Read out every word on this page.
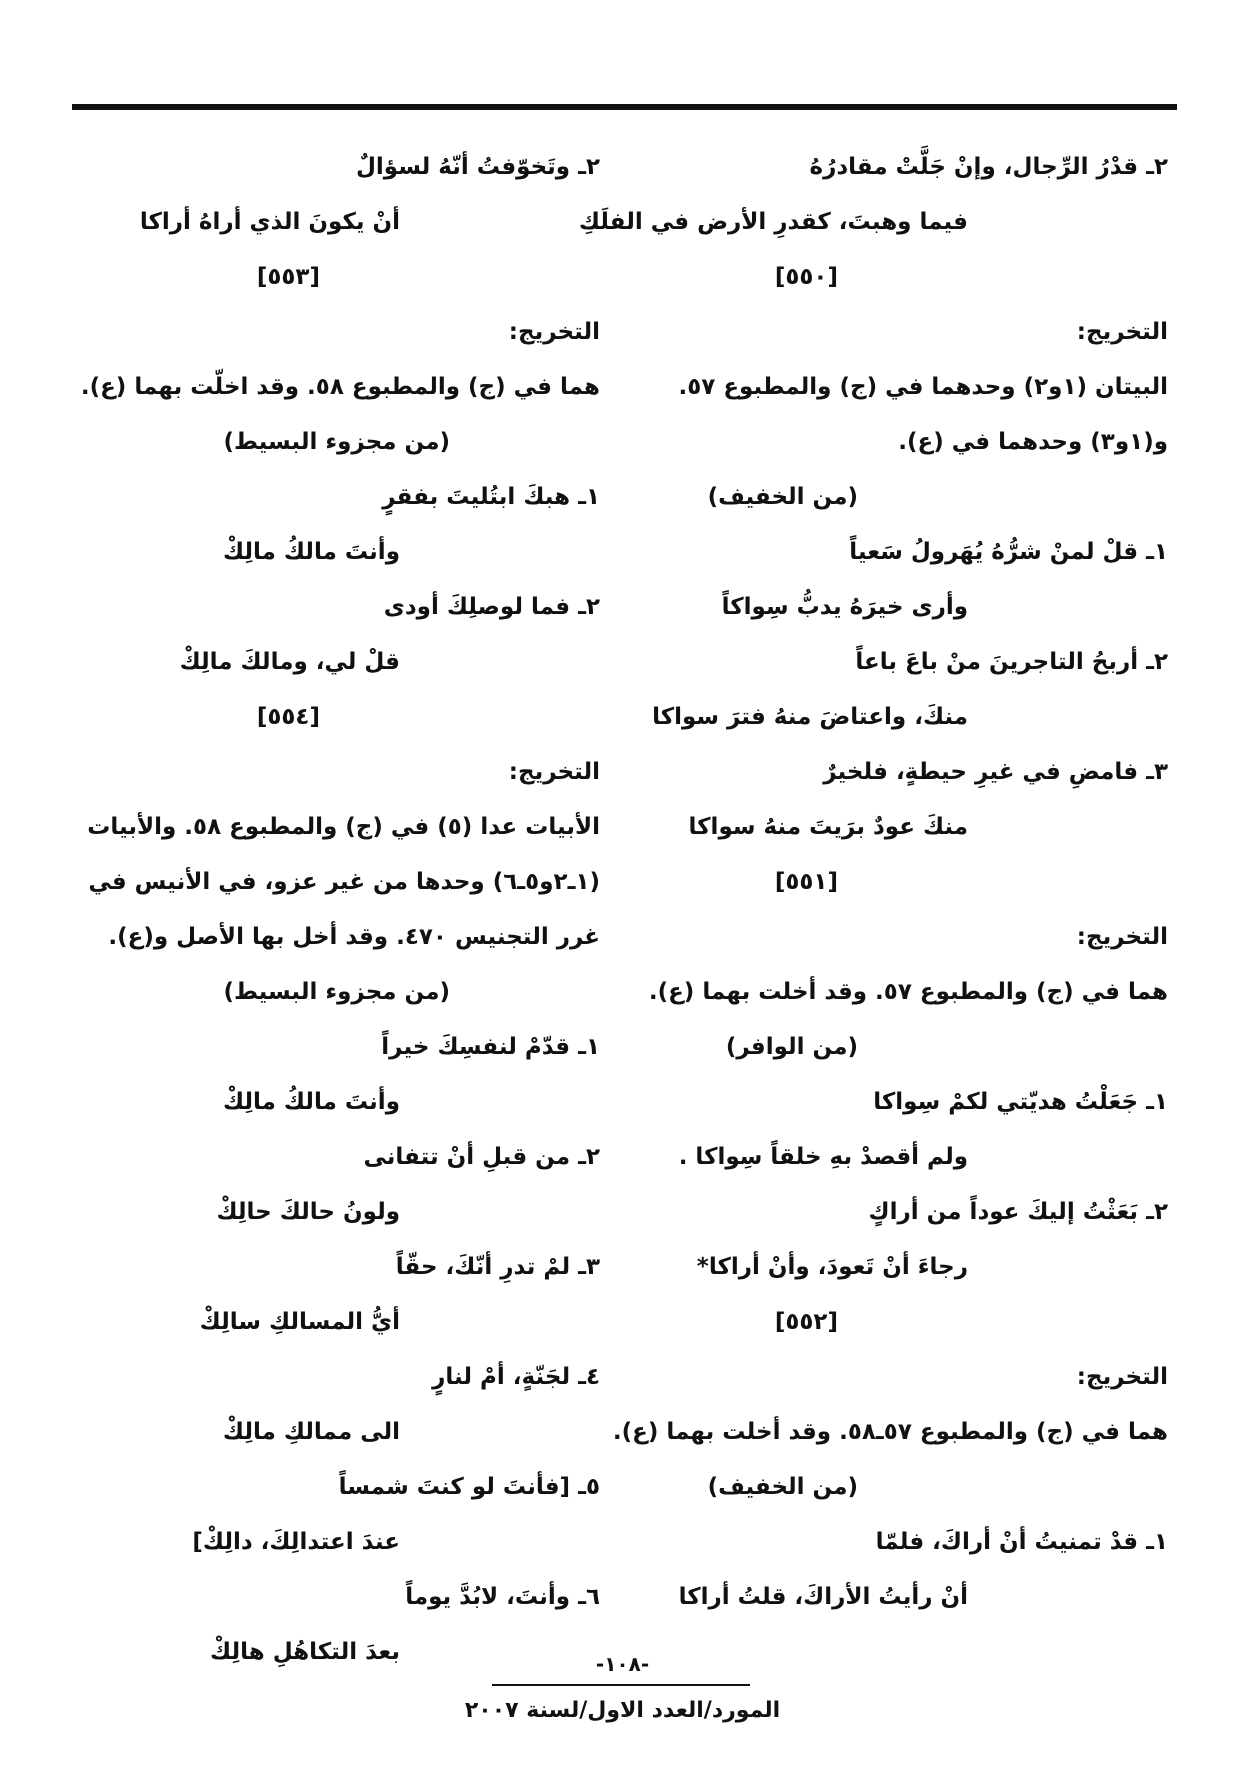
٢ـ قدْرُ الرِّجال، وإنْ جَلَّتْ مقادرُهُ
فيما وهبتَ، كقدرِ الأرض في الفلَكِ
[٥٥٠]
التخريج:
البيتان (١و٢) وحدهما في (ج) والمطبوع ٥٧.
و(١و٣) وحدهما في (ع).
(من الخفيف)
١ـ قلْ لمنْ شرُّهُ يُهَرولُ سَعياً
وأرى خيرَهُ يدبُّ سِواكاً
٢ـ أربحُ التاجرينَ منْ باعَ باعاً
منكَ، واعتاضَ منهُ فترَ سواكا
٣ـ فامضِ في غيرِ حيطةٍ، فلخيرٌ
منكَ عودٌ برَيتَ منهُ سواكا
[٥٥١]
التخريج:
هما في (ج) والمطبوع ٥٧. وقد أخلت بهما (ع).
(من الوافر)
١ـ جَعَلْتُ هديّتي لكمْ سِواكا
ولم أقصدْ بهِ خلقاً سِواكا .
٢ـ بَعَثْتُ إليكَ عوداً من أراكٍ
رجاءَ أنْ تَعودَ، وأنْ أراكا*
[٥٥٢]
التخريج:
هما في (ج) والمطبوع ٥٧ـ٥٨. وقد أخلت بهما (ع).
(من الخفيف)
١ـ قدْ تمنيتُ أنْ أراكَ، فلمّا
أنْ رأيتُ الأراكَ، قلتُ أراكا
٢ـ وتَخوّفتُ أنّهُ لسؤالٌ
أنْ يكونَ الذي أراهُ أراكا
[٥٥٣]
التخريج:
هما في (ج) والمطبوع ٥٨. وقد اخلّت بهما (ع).
(من مجزوء البسيط)
١ـ هبكَ ابتُليتَ بفقرٍ
وأنتَ مالكُ مالِكْ
٢ـ فما لوصلِكَ أودى
قلْ لي، ومالكَ مالِكْ
[٥٥٤]
التخريج:
الأبيات عدا (٥) في (ج) والمطبوع ٥٨. والأبيات
(١ـ٢و٥ـ٦) وحدها من غير عزو، في الأنيس في
غرر التجنيس ٤٧٠. وقد أخل بها الأصل و(ع).
(من مجزوء البسيط)
١ـ قدّمْ لنفسِكَ خيراً
وأنتَ مالكُ مالِكْ
٢ـ من قبلِ أنْ تتفانى
ولونُ حالكَ حالِكْ
٣ـ لمْ تدرِ أنّكَ، حقّاً
أيُّ المسالكِ سالِكْ
٤ـ لجَنّةٍ، أمْ لنارٍ
الى ممالكِ مالِكْ
٥ـ [فأنتَ لو كنتَ شمساً
عندَ اعتدالِكَ، دالِكْ]
٦ـ وأنتَ، لابُدَّ يوماً
بعدَ التكاهُلِ هالِكْ	-١٠٨-
المورد/العدد الاول/لسنة ٢٠٠٧
